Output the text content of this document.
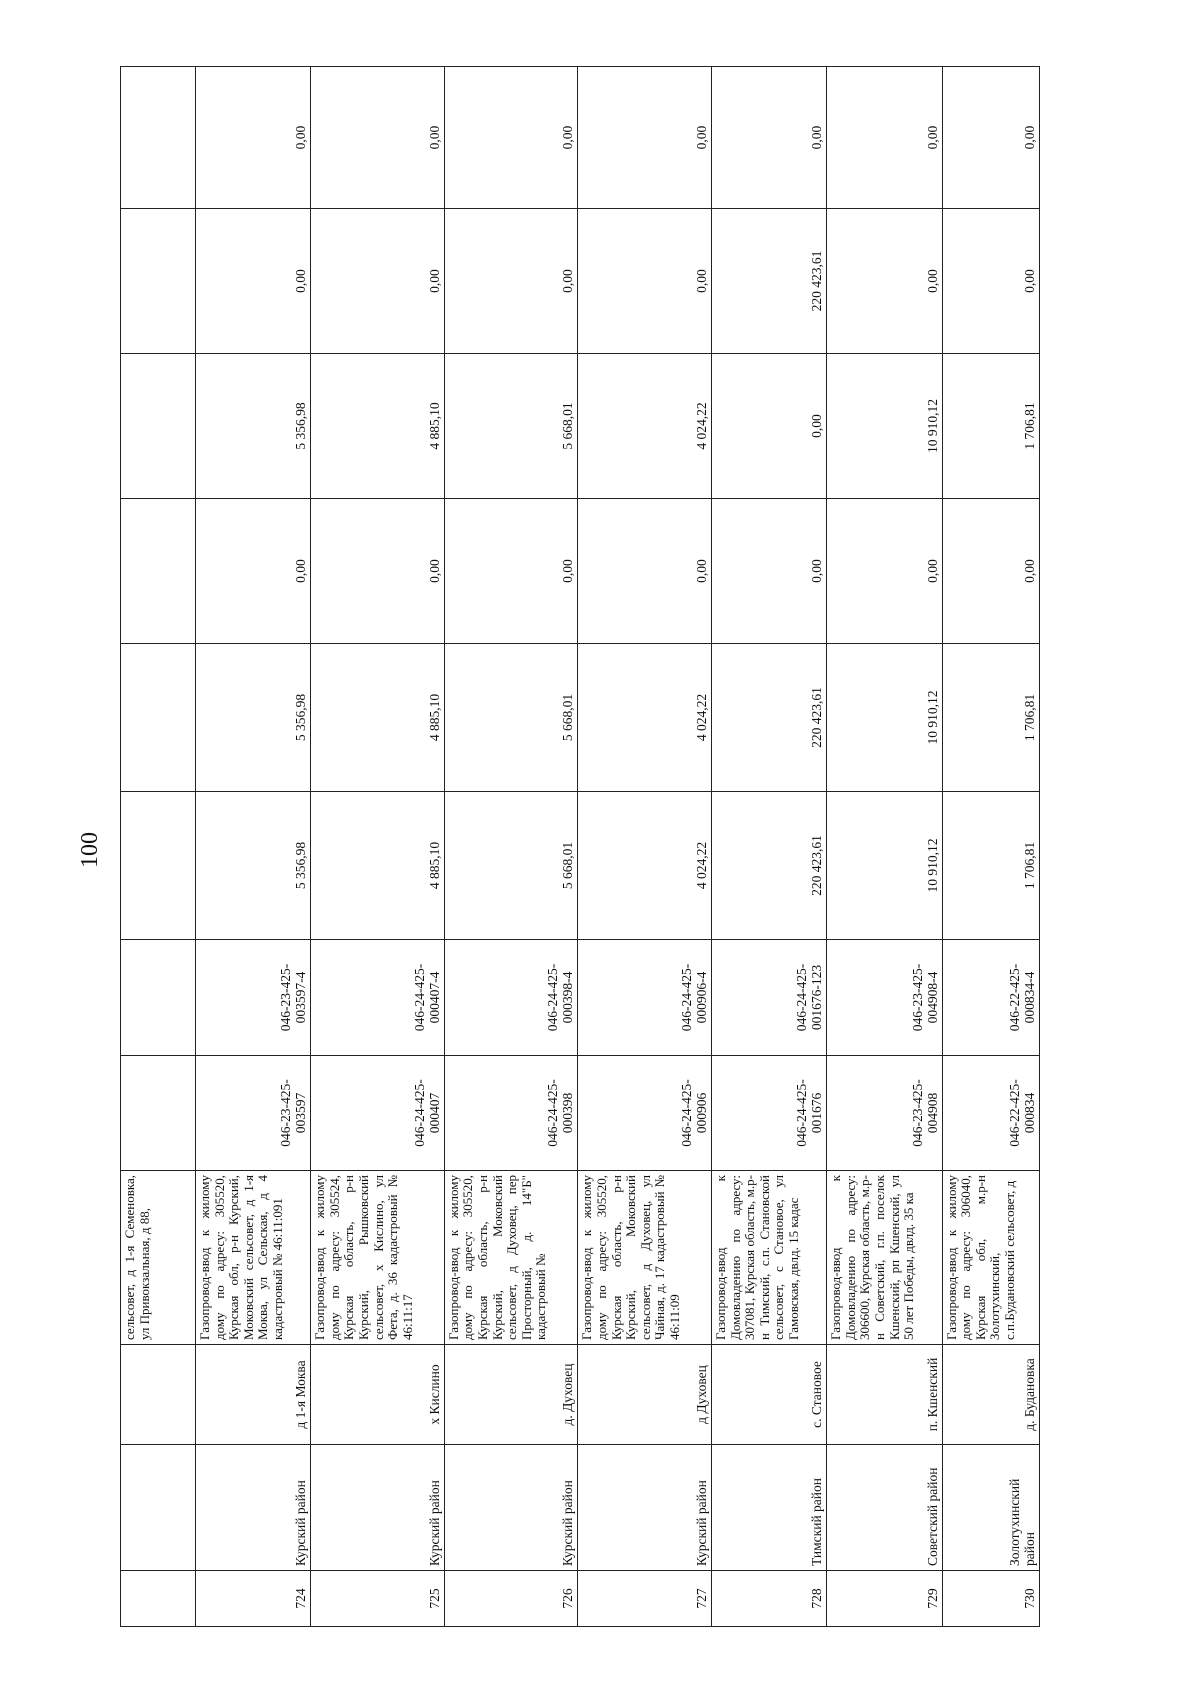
100
			сельсовет, д 1-я Семеновка, ул Привокзальная, д 88,								
724	Курский район	д 1-я Моква	Газопровод-ввод к жилому дому по адресу: 305520, Курская обл, р-н Курский, Моковский сельсовет, д 1-я Моква, ул Сельская, д 4 кадастровый № 46:11:091	046-23-425-003597	046-23-425-003597-4	5 356,98	5 356,98	0,00	5 356,98	0,00	0,00
725	Курский район	х Кислино	Газопровод-ввод к жилому дому по адресу: 305524, Курская область, р-н Курский, Рышковский сельсовет, х Кислино, ул Фета, д. 36 кадастровый № 46:11:17	046-24-425-000407	046-24-425-000407-4	4 885,10	4 885,10	0,00	4 885,10	0,00	0,00
726	Курский район	д. Духовец	Газопровод-ввод к жилому дому по адресу: 305520, Курская область, р-н Курский, Моковский сельсовет, д Духовец, пер Просторный, д. 14"Б" кадастровый №	046-24-425-000398	046-24-425-000398-4	5 668,01	5 668,01	0,00	5 668,01	0,00	0,00
727	Курский район	д Духовец	Газопровод-ввод к жилому дому по адресу: 305520, Курская область, р-н Курский, Моковский сельсовет, д Духовец, ул Чайная, д. 17 кадастровый № 46:11:09	046-24-425-000906	046-24-425-000906-4	4 024,22	4 024,22	0,00	4 024,22	0,00	0,00
728	Тимский район	с. Становое	Газопровод-ввод к Домовладению по адресу: 307081, Курская область, м.р-н Тимский, с.п. Становской сельсовет, с Становое, ул Гамовская, двлд. 15 кадас	046-24-425-001676	046-24-425-001676-123	220 423,61	220 423,61	0,00	0,00	220 423,61	0,00
729	Советский район	п. Кшенский	Газопровод-ввод к Домовладению по адресу: 306600, Курская область, м.р-н Советский, г.п. поселок Кшенский, рп Кшенский, ул 50 лет Победы, двлд. 35 ка	046-23-425-004908	046-23-425-004908-4	10 910,12	10 910,12	0,00	10 910,12	0,00	0,00
730	Золотухинский район	д. Будановка	Газопровод-ввод к жилому дому по адресу: 306040, Курская обл, м.р-н Золотухинский, с.п.Будановский сельсовет, д	046-22-425-000834	046-22-425-000834-4	1 706,81	1 706,81	0,00	1 706,81	0,00	0,00
